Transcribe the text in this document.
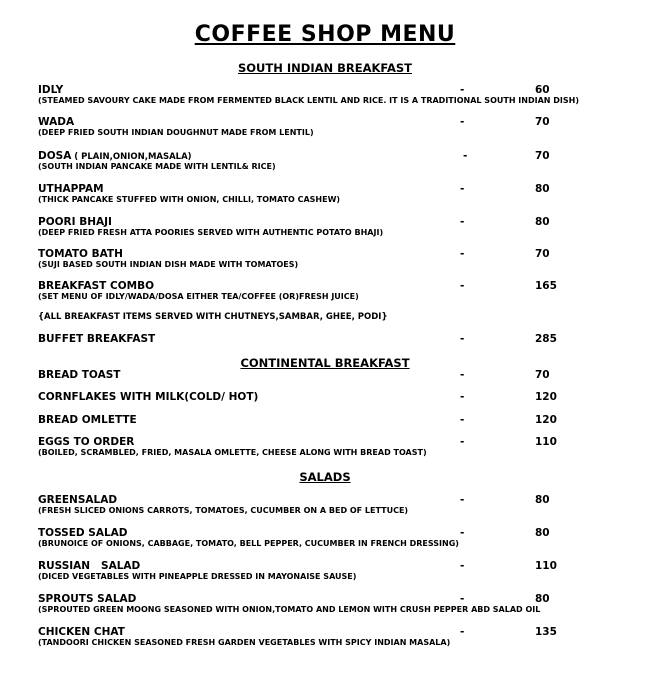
COFFEE SHOP MENU
SOUTH INDIAN BREAKFAST
IDLY
(STEAMED SAVOURY CAKE MADE FROM FERMENTED BLACK LENTIL AND RICE. IT IS A TRADITIONAL SOUTH INDIAN DISH)
-	60
WADA
(DEEP FRIED SOUTH INDIAN DOUGHNUT MADE FROM LENTIL)
-	70
DOSA ( PLAIN,ONION,MASALA)
(SOUTH INDIAN PANCAKE MADE WITH LENTIL& RICE)
-	70
UTHAPPAM
(THICK PANCAKE STUFFED WITH ONION, CHILLI, TOMATO CASHEW)
-	80
POORI BHAJI
(DEEP FRIED FRESH ATTA POORIES SERVED WITH AUTHENTIC POTATO BHAJI)
-	80
TOMATO BATH
(SUJI BASED SOUTH INDIAN DISH MADE WITH TOMATOES)
-	70
BREAKFAST COMBO
(SET MENU OF IDLY/WADA/DOSA EITHER TEA/COFFEE (OR)FRESH JUICE)
-	165
{ALL BREAKFAST ITEMS SERVED WITH CHUTNEYS,SAMBAR, GHEE, PODI}
BUFFET BREAKFAST	-	285
CONTINENTAL BREAKFAST
BREAD TOAST	-	70
CORNFLAKES WITH MILK(COLD/ HOT)	-	120
BREAD OMLETTE	-	120
EGGS TO ORDER
(BOILED, SCRAMBLED, FRIED, MASALA OMLETTE, CHEESE ALONG WITH BREAD TOAST)
-	110
SALADS
GREENSALAD
(FRESH SLICED ONIONS CARROTS, TOMATOES, CUCUMBER ON A BED OF LETTUCE)
-	80
TOSSED SALAD
(BRUNOICE OF ONIONS, CABBAGE, TOMATO, BELL PEPPER, CUCUMBER IN FRENCH DRESSING)
-	80
RUSSIAN   SALAD
(DICED VEGETABLES WITH PINEAPPLE DRESSED IN MAYONAISE SAUSE)
-	110
SPROUTS SALAD
(SPROUTED GREEN MOONG SEASONED WITH ONION,TOMATO AND LEMON WITH CRUSH PEPPER ABD SALAD OIL
-	80
CHICKEN CHAT
(TANDOORI CHICKEN SEASONED FRESH GARDEN VEGETABLES WITH SPICY INDIAN MASALA)
-	135
